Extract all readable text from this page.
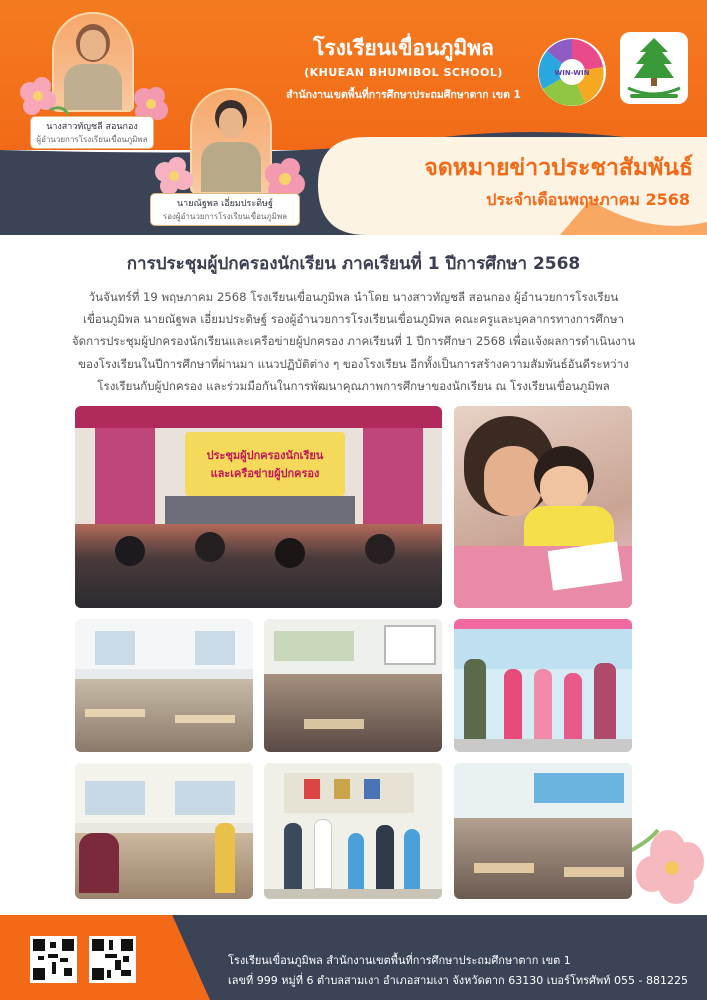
นางสาวทัญชลี สอนกอง
ผู้อำนวยการโรงเรียนเขื่อนภูมิพล
นายณัฐพล เอี่ยมประดิษฐ์
รองผู้อำนวยการโรงเรียนเขื่อนภูมิพล
โรงเรียนเขื่อนภูมิพล
(KHUEAN BHUMIBOL SCHOOL)
สำนักงานเขตพื้นที่การศึกษาประถมศึกษาตาก เขต 1
WIN-WIN
จดหมายข่าวประชาสัมพันธ์
ประจำเดือนพฤษภาคม 2568
การประชุมผู้ปกครองนักเรียน ภาคเรียนที่ 1 ปีการศึกษา 2568
วันจันทร์ที่ 19 พฤษภาคม 2568 โรงเรียนเขื่อนภูมิพล นำโดย นางสาวทัญชลี สอนกอง ผู้อำนวยการโรงเรียน
เขื่อนภูมิพล นายณัฐพล เอี่ยมประดิษฐ์ รองผู้อำนวยการโรงเรียนเขื่อนภูมิพล คณะครูและบุคลากรทางการศึกษา
จัดการประชุมผู้ปกครองนักเรียนและเครือข่ายผู้ปกครอง ภาคเรียนที่ 1 ปีการศึกษา 2568 เพื่อแจ้งผลการดำเนินงาน
ของโรงเรียนในปีการศึกษาที่ผ่านมา แนวปฏิบัติต่าง ๆ ของโรงเรียน อีกทั้งเป็นการสร้างความสัมพันธ์อันดีระหว่าง
โรงเรียนกับผู้ปกครอง และร่วมมือกันในการพัฒนาคุณภาพการศึกษาของนักเรียน ณ โรงเรียนเขื่อนภูมิพล
ประชุมผู้ปกครองนักเรียน
และเครือข่ายผู้ปกครอง
โรงเรียนเขื่อนภูมิพล สำนักงานเขตพื้นที่การศึกษาประถมศึกษาตาก เขต 1
เลขที่ 999 หมู่ที่ 6 ตำบลสามเงา อำเภอสามเงา จังหวัดตาก 63130 เบอร์โทรศัพท์ 055 - 881225
